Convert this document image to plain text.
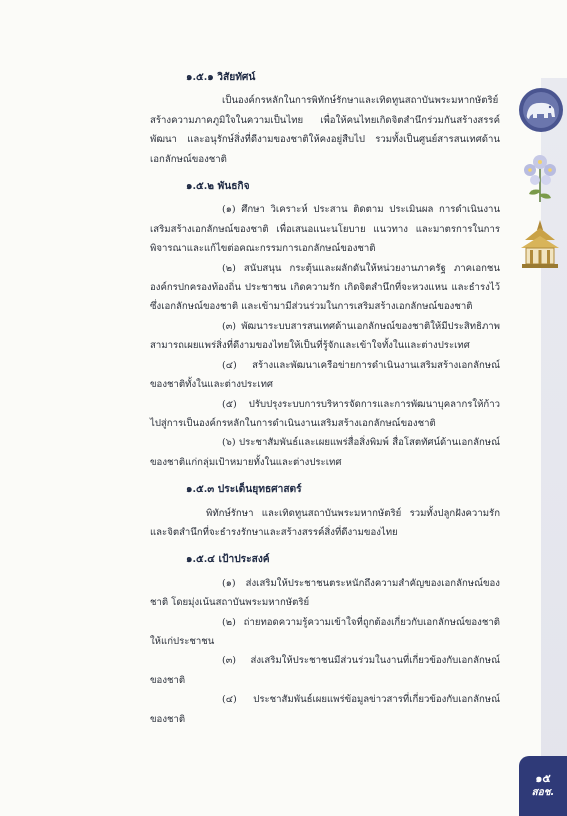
๑.๕.๑ วิสัยทัศน์

เป็นองค์กรหลักในการพิทักษ์รักษาและเทิดทูนสถาบันพระมหากษัตริย์ สร้างความภาคภูมิใจในความเป็นไทย เพื่อให้คนไทยเกิดจิตสำนึกร่วมกันสร้างสรรค์พัฒนา และอนุรักษ์สิ่งที่ดีงามของชาติให้คงอยู่สืบไป รวมทั้งเป็นศูนย์สารสนเทศด้านเอกลักษณ์ของชาติ

๑.๕.๒ พันธกิจ

(๑) ศึกษา วิเคราะห์ ประสาน ติดตาม ประเมินผล การดำเนินงานเสริมสร้างเอกลักษณ์ของชาติ เพื่อเสนอแนะนโยบาย แนวทาง และมาตรการในการพิจารณาและแก้ไขต่อคณะกรรมการเอกลักษณ์ของชาติ

(๒) สนับสนุน กระตุ้นและผลักดันให้หน่วยงานภาครัฐ ภาคเอกชน องค์กรปกครองท้องถิ่น ประชาชน เกิดความรัก เกิดจิตสำนึกที่จะหวงแหน และธำรงไว้ซึ่งเอกลักษณ์ของชาติ และเข้ามามีส่วนร่วมในการเสริมสร้างเอกลักษณ์ของชาติ

(๓) พัฒนาระบบสารสนเทศด้านเอกลักษณ์ของชาติให้มีประสิทธิภาพ สามารถเผยแพร่สิ่งที่ดีงามของไทยให้เป็นที่รู้จักและเข้าใจทั้งในและต่างประเทศ

(๔) สร้างและพัฒนาเครือข่ายการดำเนินงานเสริมสร้างเอกลักษณ์ของชาติทั้งในและต่างประเทศ

(๕) ปรับปรุงระบบการบริหารจัดการและการพัฒนาบุคลากรให้ก้าวไปสู่การเป็นองค์กรหลักในการดำเนินงานเสริมสร้างเอกลักษณ์ของชาติ

(๖) ประชาสัมพันธ์และเผยแพร่สื่อสิ่งพิมพ์ สื่อโสตทัศน์ด้านเอกลักษณ์ของชาติแก่กลุ่มเป้าหมายทั้งในและต่างประเทศ

๑.๕.๓ ประเด็นยุทธศาสตร์

พิทักษ์รักษา และเทิดทูนสถาบันพระมหากษัตริย์ รวมทั้งปลูกฝังความรักและจิตสำนึกที่จะธำรงรักษาและสร้างสรรค์สิ่งที่ดีงามของไทย

๑.๕.๔ เป้าประสงค์

(๑) ส่งเสริมให้ประชาชนตระหนักถึงความสำคัญของเอกลักษณ์ของชาติ โดยมุ่งเน้นสถาบันพระมหากษัตริย์

(๒) ถ่ายทอดความรู้ความเข้าใจที่ถูกต้องเกี่ยวกับเอกลักษณ์ของชาติให้แก่ประชาชน

(๓) ส่งเสริมให้ประชาชนมีส่วนร่วมในงานที่เกี่ยวข้องกับเอกลักษณ์ของชาติ

(๔) ประชาสัมพันธ์เผยแพร่ข้อมูลข่าวสารที่เกี่ยวข้องกับเอกลักษณ์ของชาติ

๑๕
สอช.
